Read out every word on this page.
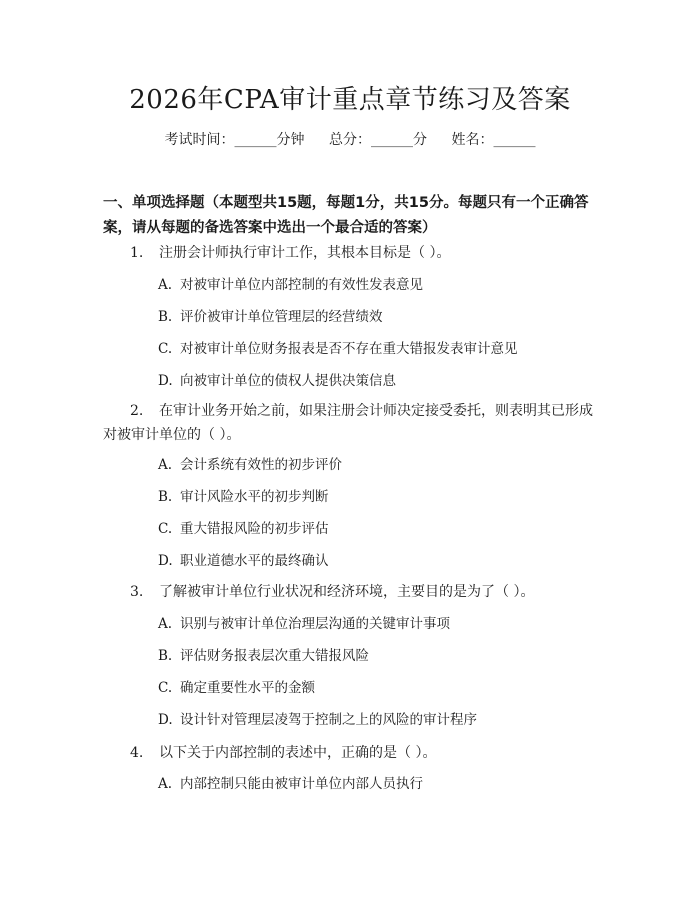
2026年CPA审计重点章节练习及答案
考试时间：______分钟 总分：______分 姓名：______
一、单项选择题（本题型共15题，每题1分，共15分。每题只有一个正确答案，请从每题的备选答案中选出一个最合适的答案）
1. 注册会计师执行审计工作，其根本目标是（ ）。
A. 对被审计单位内部控制的有效性发表意见
B. 评价被审计单位管理层的经营绩效
C. 对被审计单位财务报表是否不存在重大错报发表审计意见
D. 向被审计单位的债权人提供决策信息
2. 在审计业务开始之前，如果注册会计师决定接受委托，则表明其已形成对被审计单位的（ ）。
A. 会计系统有效性的初步评价
B. 审计风险水平的初步判断
C. 重大错报风险的初步评估
D. 职业道德水平的最终确认
3. 了解被审计单位行业状况和经济环境，主要目的是为了（ ）。
A. 识别与被审计单位治理层沟通的关键审计事项
B. 评估财务报表层次重大错报风险
C. 确定重要性水平的金额
D. 设计针对管理层凌驾于控制之上的风险的审计程序
4. 以下关于内部控制的表述中，正确的是（ ）。
A. 内部控制只能由被审计单位内部人员执行
